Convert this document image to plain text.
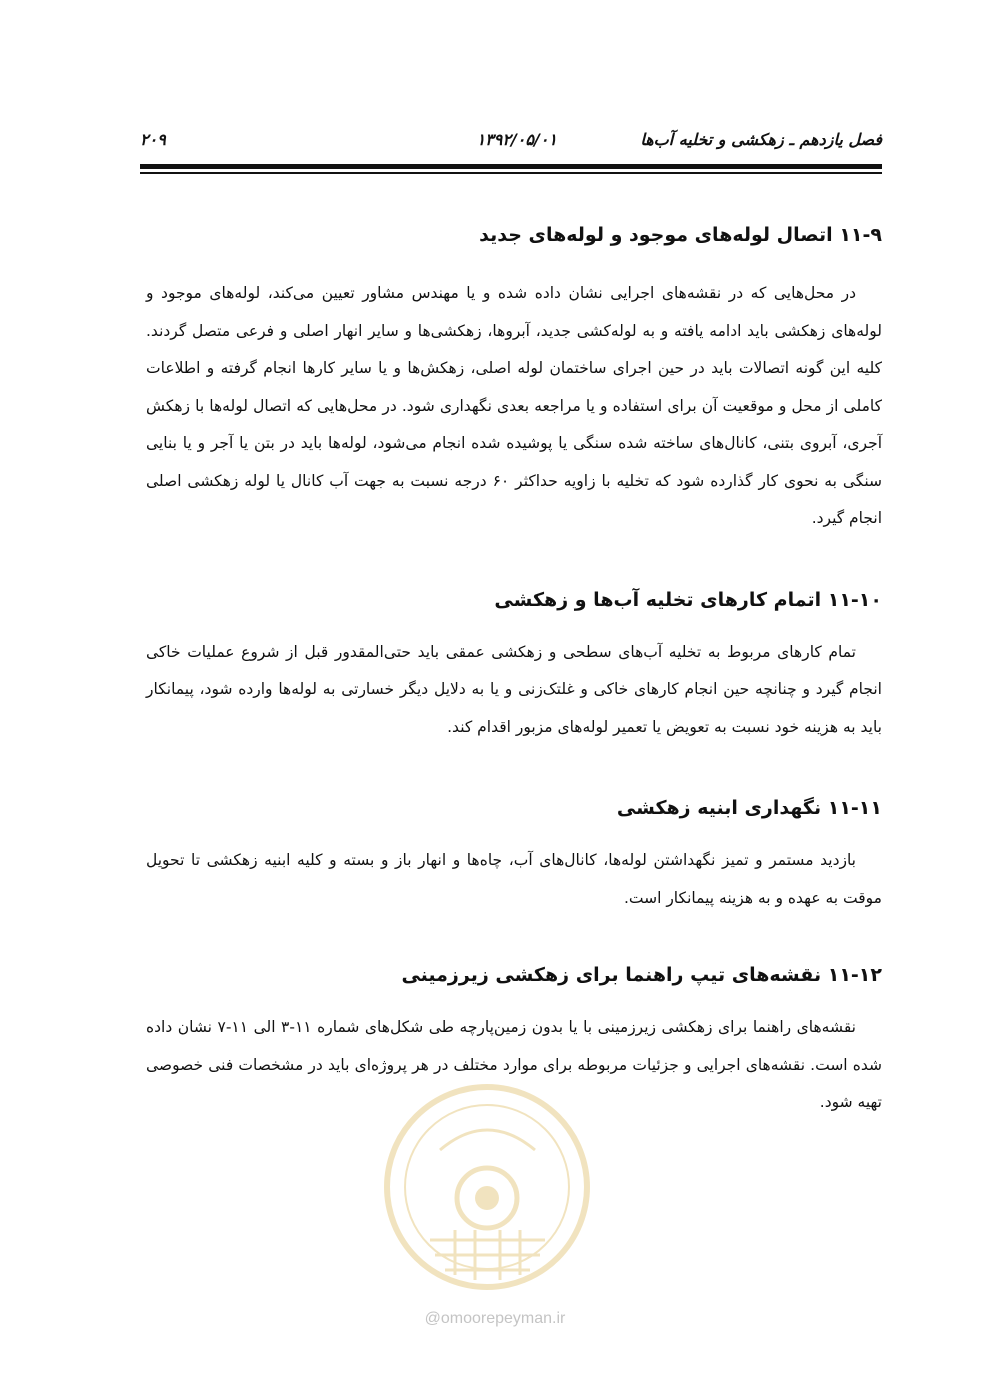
فصل یازدهم ـ زهکشی و تخلیه آب‌ها
۱۳۹۲/۰۵/۰۱
۲۰۹
۱۱-۹ اتصال لوله‌های موجود و لوله‌های جدید

در محل‌هایی که در نقشه‌های اجرایی نشان داده شده و یا مهندس مشاور تعیین می‌کند، لوله‌های موجود و لوله‌های زهکشی باید ادامه یافته و به لوله‌کشی جدید، آبروها، زهکشی‌ها و سایر انهار اصلی و فرعی متصل گردند. کلیه این گونه اتصالات باید در حین اجرای ساختمان لوله اصلی، زهکش‌ها و یا سایر کارها انجام گرفته و اطلاعات کاملی از محل و موقعیت آن برای استفاده و یا مراجعه بعدی نگهداری شود. در محل‌هایی که اتصال لوله‌ها با زهکش آجری، آبروی بتنی، کانال‌های ساخته شده سنگی یا پوشیده شده انجام می‌شود، لوله‌ها باید در بتن یا آجر و یا بنایی سنگی به نحوی کار گذارده شود که تخلیه با زاویه حداکثر ۶۰ درجه نسبت به جهت آب کانال یا لوله زهکشی اصلی انجام گیرد.

۱۱-۱۰ اتمام کارهای تخلیه آب‌ها و زهکشی

تمام کارهای مربوط به تخلیه آب‌های سطحی و زهکشی عمقی باید حتی‌المقدور قبل از شروع عملیات خاکی انجام گیرد و چنانچه حین انجام کارهای خاکی و غلتک‌زنی و یا به دلایل دیگر خسارتی به لوله‌ها وارده شود، پیمانکار باید به هزینه خود نسبت به تعویض یا تعمیر لوله‌های مزبور اقدام کند.

۱۱-۱۱ نگهداری ابنیه زهکشی

بازدید مستمر و تمیز نگهداشتن لوله‌ها، کانال‌های آب، چاه‌ها و انهار باز و بسته و کلیه ابنیه زهکشی تا تحویل موقت به عهده و به هزینه پیمانکار است.

۱۱-۱۲ نقشه‌های تیپ راهنما برای زهکشی زیرزمینی

نقشه‌های راهنما برای زهکشی زیرزمینی با یا بدون زمین‌پارچه طی شکل‌های شماره ۱۱-۳ الی ۱۱-۷ نشان داده شده است. نقشه‌های اجرایی و جزئیات مربوطه برای موارد مختلف در هر پروژه‌ای باید در مشخصات فنی خصوصی تهیه شود.

@omoorepeyman.ir
